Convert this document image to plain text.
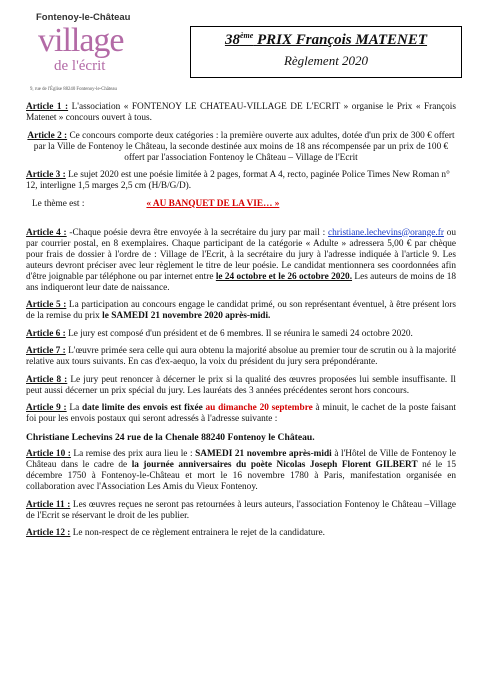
Fontenoy-le-Château
village
de l'écrit
9, rue de l'Église 88240 Fontenoy-le-Château
38ème PRIX François MATENET
Règlement 2020

Article 1 : L'association « FONTENOY LE CHATEAU-VILLAGE DE L'ECRIT » organise le Prix « François Matenet » concours ouvert à tous.

Article 2 : Ce concours comporte deux catégories : la première ouverte aux adultes, dotée d'un prix de 300 € offert par la Ville de Fontenoy le Château, la seconde destinée aux moins de 18 ans récompensée par un prix de 100 € offert par l'association Fontenoy le Château – Village de l'Ecrit

Article 3 : Le sujet 2020 est une poésie limitée à 2 pages, format A 4, recto, paginée Police Times New Roman n° 12, interligne 1,5 marges 2,5 cm (H/B/G/D).

Le thème est :	« AU BANQUET DE LA VIE… »

Article 4 : -Chaque poésie devra être envoyée à la secrétaire du jury par mail : christiane.lechevins@orange.fr ou par courrier postal, en 8 exemplaires. Chaque participant de la catégorie « Adulte » adressera 5,00 € par chèque pour frais de dossier à l'ordre de : Village de l'Ecrit, à la secrétaire du jury à l'adresse indiquée à l'article 9. Les auteurs devront préciser avec leur règlement le titre de leur poésie. Le candidat mentionnera ses coordonnées afin d'être joignable par téléphone ou par internet entre le 24 octobre et le 26 octobre 2020. Les auteurs de moins de 18 ans indiqueront leur date de naissance.

Article 5 : La participation au concours engage le candidat primé, ou son représentant éventuel, à être présent lors de la remise du prix le SAMEDI 21 novembre 2020 après-midi.

Article 6 : Le jury est composé d'un président et de 6 membres. Il se réunira le samedi 24 octobre 2020.

Article 7 : L'œuvre primée sera celle qui aura obtenu la majorité absolue au premier tour de scrutin ou à la majorité relative aux tours suivants. En cas d'ex-aequo, la voix du président du jury sera prépondérante.

Article 8 : Le jury peut renoncer à décerner le prix si la qualité des œuvres proposées lui semble insuffisante. Il peut aussi décerner un prix spécial du jury. Les lauréats des 3 années précédentes seront hors concours.

Article 9 : La date limite des envois est fixée au dimanche 20 septembre à minuit, le cachet de la poste faisant foi pour les envois postaux qui seront adressés à l'adresse suivante :

Christiane Lechevins 24 rue de la Chenale 88240 Fontenoy le Château.

Article 10 : La remise des prix aura lieu le : SAMEDI 21 novembre après-midi à l'Hôtel de Ville de Fontenoy le Château dans le cadre de la journée anniversaires du poète Nicolas Joseph Florent GILBERT né le 15 décembre 1750 à Fontenoy-le-Château et mort le 16 novembre 1780 à Paris, manifestation organisée en collaboration avec l'Association Les Amis du Vieux Fontenoy.

Article 11 : Les œuvres reçues ne seront pas retournées à leurs auteurs, l'association Fontenoy le Château –Village de l'Ecrit se réservant le droit de les publier.

Article 12 : Le non-respect de ce règlement entrainera le rejet de la candidature.
